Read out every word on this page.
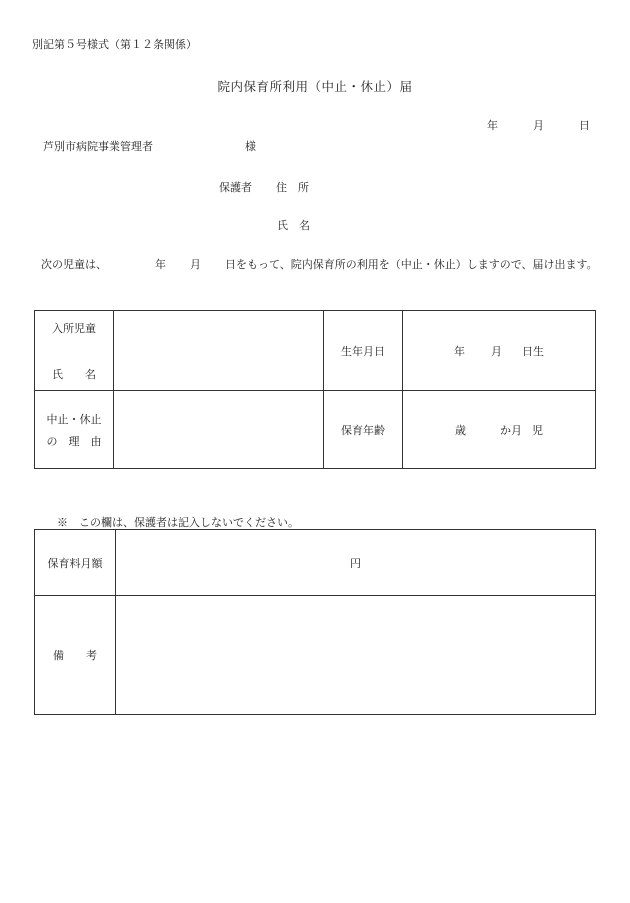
別記第５号様式（第１２条関係）
院内保育所利用（中止・休止）届
年	月	日
芦別市病院事業管理者	様
保護者 住　所
氏　名
次の児童は、	年 月 日をもって、院内保育所の利用を（中止・休止）しますので、届け出ます。
入所児童
氏　　名		生年月日	年 月 日生

中止・休止
の　理　由		保育年齢	歳 か月 児
※　この欄は、保護者は記入しないでください。
保育料月額	円
備　　考	
